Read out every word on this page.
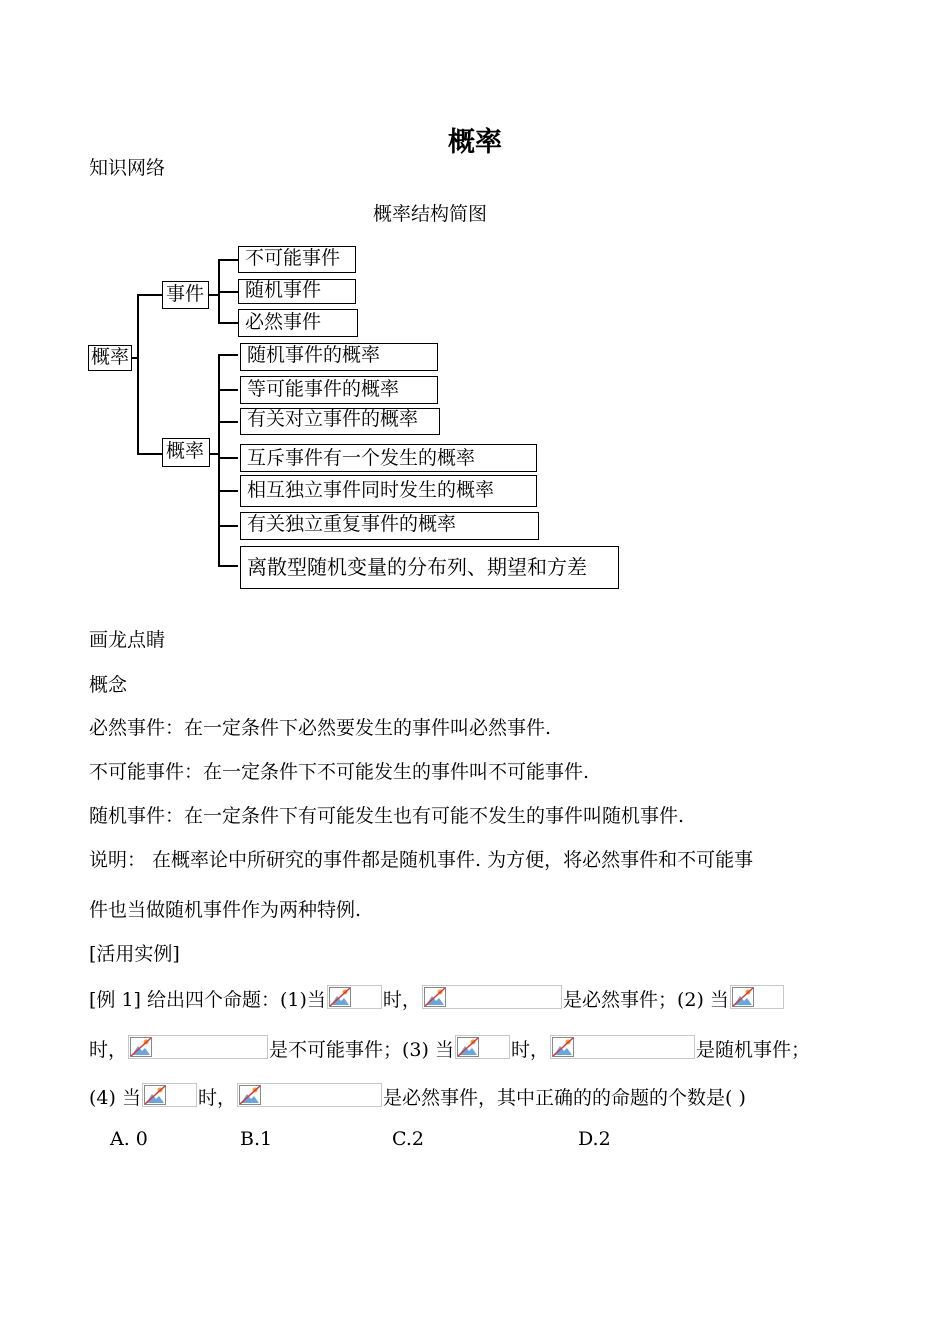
概率
知识网络
概率结构简图
概率
事件
不可能事件
随机事件
必然事件
概率
随机事件的概率
等可能事件的概率
有关对立事件的概率
互斥事件有一个发生的概率
相互独立事件同时发生的概率
有关独立重复事件的概率
离散型随机变量的分布列、期望和方差
画龙点睛
概念
必然事件：在一定条件下必然要发生的事件叫必然事件.
不可能事件：在一定条件下不可能发生的事件叫不可能事件.
随机事件：在一定条件下有可能发生也有可能不发生的事件叫随机事件.
说明： 在概率论中所研究的事件都是随机事件. 为方便，将必然事件和不可能事
件也当做随机事件作为两种特例.
[活用实例]
[例 1] 给出四个命题：(1)当	时，	是必然事件；(2) 当
时，	是不可能事件；(3) 当	时，	是随机事件；
(4) 当	时，	是必然事件，其中正确的的命题的个数是( )
A. 0	B.1	C.2	D.2
